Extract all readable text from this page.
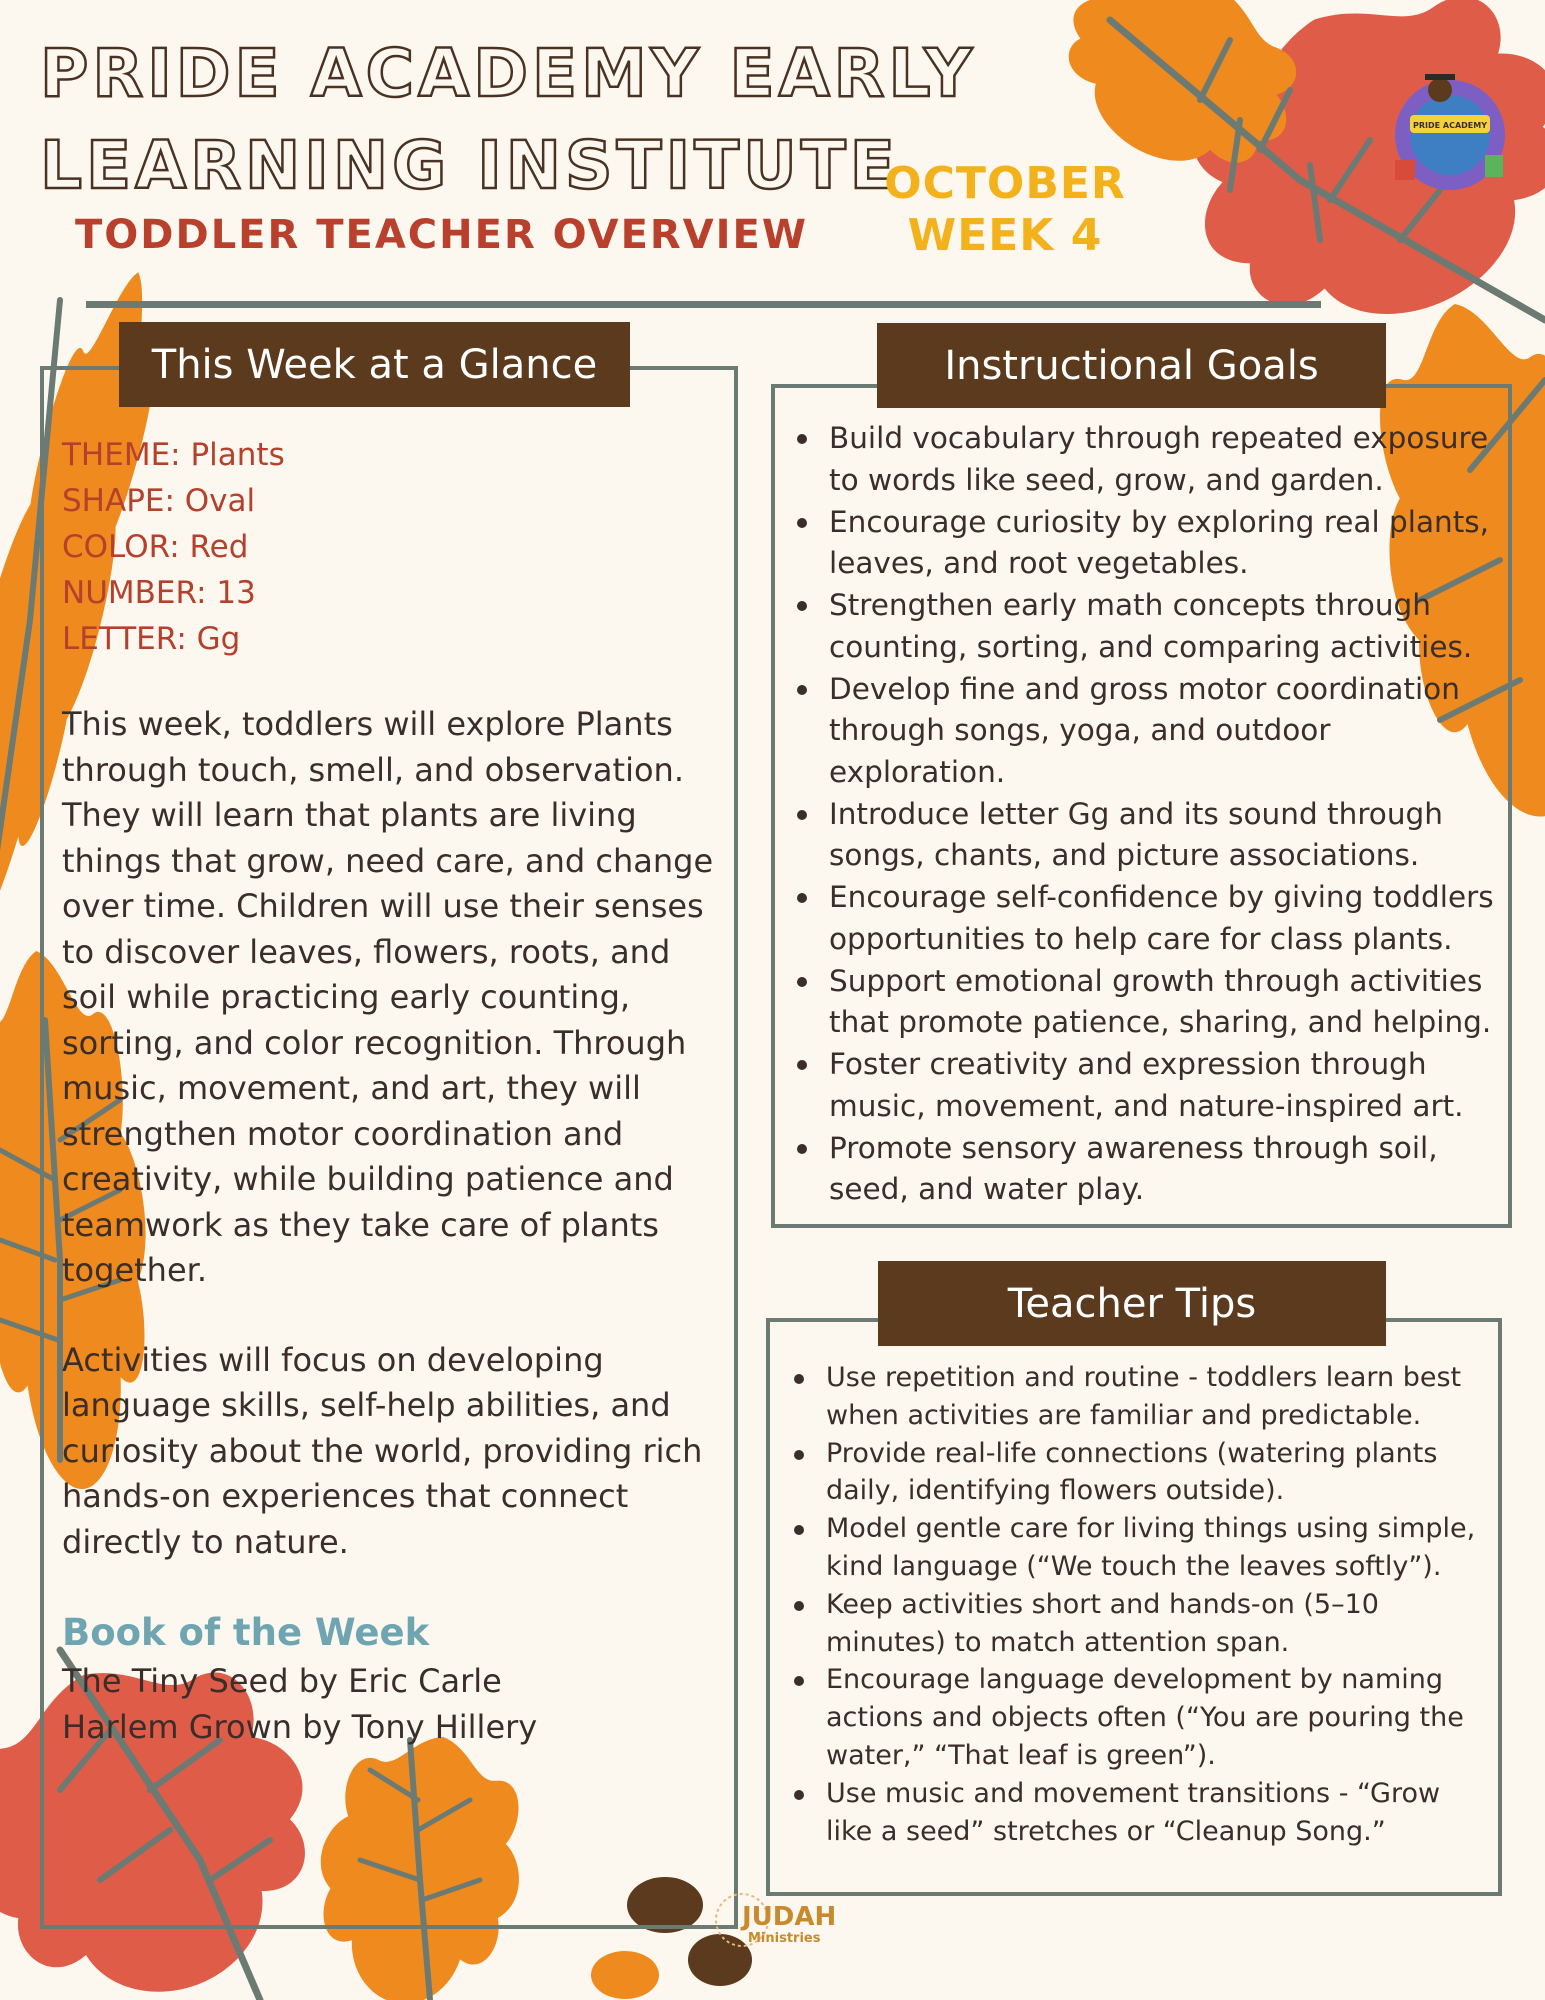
PRIDE ACADEMY EARLY
LEARNING INSTITUTE
TODDLER TEACHER OVERVIEW
OCTOBER
WEEK 4
PRIDE ACADEMY
This Week at a Glance
THEME: Plants
SHAPE: Oval
COLOR: Red
NUMBER: 13
LETTER: Gg

This week, toddlers will explore Plants through touch, smell, and observation. They will learn that plants are living things that grow, need care, and change over time. Children will use their senses to discover leaves, flowers, roots, and soil while practicing early counting, sorting, and color recognition. Through music, movement, and art, they will strengthen motor coordination and creativity, while building patience and teamwork as they take care of plants together.

Activities will focus on developing language skills, self-help abilities, and curiosity about the world, providing rich hands-on experiences that connect directly to nature.

Book of the Week

The Tiny Seed by Eric Carle

Harlem Grown by Tony Hillery

Instructional Goals
Build vocabulary through repeated exposure to words like seed, grow, and garden.
Encourage curiosity by exploring real plants, leaves, and root vegetables.
Strengthen early math concepts through counting, sorting, and comparing activities.
Develop fine and gross motor coordination through songs, yoga, and outdoor exploration.
Introduce letter Gg and its sound through songs, chants, and picture associations.
Encourage self-confidence by giving toddlers opportunities to help care for class plants.
Support emotional growth through activities that promote patience, sharing, and helping.
Foster creativity and expression through music, movement, and nature-inspired art.
Promote sensory awareness through soil, seed, and water play.
Teacher Tips
Use repetition and routine - toddlers learn best when activities are familiar and predictable.
Provide real-life connections (watering plants daily, identifying flowers outside).
Model gentle care for living things using simple, kind language (“We touch the leaves softly”).
Keep activities short and hands-on (5–10 minutes) to match attention span.
Encourage language development by naming actions and objects often (“You are pouring the water,” “That leaf is green”).
Use music and movement transitions - “Grow like a seed” stretches or “Cleanup Song.”
JUDAH
Ministries
